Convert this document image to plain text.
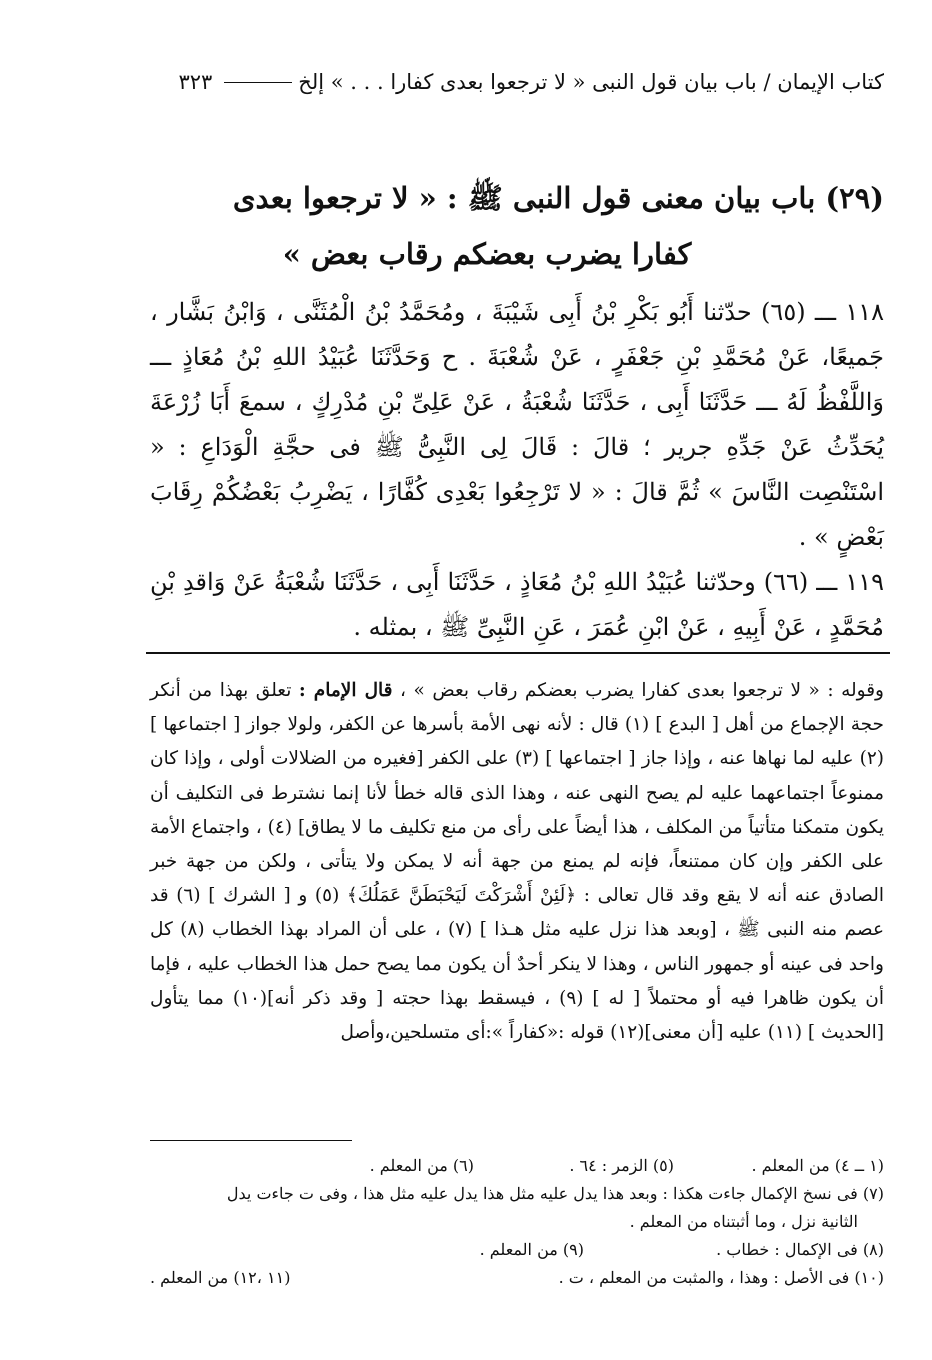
كتاب الإيمان / باب بيان قول النبى « لا ترجعوا بعدى كفارا . . . » إلخ
٣٢٣
(٢٩) باب بيان معنى قول النبى ﷺ : « لا ترجعوا بعدى
كفارا يضرب بعضكم رقاب بعض »

١١٨ ـــ (٦٥) حدّثنا أَبُو بَكْرِ بْنُ أَبِى شَيْبَةَ ، ومُحَمَّدُ بْنُ الْمُثَنَّى ، وَابْنُ بَشَّار ، جَميعًا، عَنْ مُحَمَّدِ بْنِ جَعْفَرٍ ، عَنْ شُعْبَةَ . ح وَحَدَّثَنَا عُبَيْدُ اللهِ بْنُ مُعَاذٍ ـــ وَاللَّفْظُ لَهُ ـــ حَدَّثَنَا أَبِى ، حَدَّثَنَا شُعْبَةُ ، عَنْ عَلِىِّ بْنِ مُدْرِكٍ ، سمعَ أَبَا زُرْعَةَ يُحَدِّثُ عَنْ جَدِّهِ جرير ؛ قالَ : قَالَ لِى النَّبِىُّ ﷺ فى حجَّةِ الْوَدَاعِ : « اسْتَنْصِت النَّاسَ » ثُمَّ قالَ : « لا تَرْجِعُوا بَعْدِى كُفَّارًا ، يَضْرِبُ بَعْضُكُمْ رِقَابَ بَعْضٍ » .

١١٩ ـــ (٦٦) وحدّثنا عُبَيْدُ اللهِ بْنُ مُعَاذٍ ، حَدَّثَنَا أَبِى ، حَدَّثَنَا شُعْبَةُ عَنْ وَاقدِ بْنِ مُحَمَّدٍ ، عَنْ أَبِيهِ ، عَنْ ابْنِ عُمَرَ ، عَنِ النَّبِىِّ ﷺ ، بمثله .

وقوله : « لا ترجعوا بعدى كفارا يضرب بعضكم رقاب بعض » ، قال الإمام : تعلق بهذا من أنكر حجة الإجماع من أهل [ البدع ] (١) قال : لأنه نهى الأمة بأسرها عن الكفر، ولولا جواز [ اجتماعها ] (٢) عليه لما نهاها عنه ، وإذا جاز [ اجتماعها ] (٣) على الكفر [فغيره من الضلالات أولى ، وإذا كان ممنوعاً اجتماعهما عليه لم يصح النهى عنه ، وهذا الذى قاله خطأ لأنا إنما نشترط فى التكليف أن يكون متمكنا متأتياً من المكلف ، هذا أيضاً على رأى من منع تكليف ما لا يطاق] (٤) ، واجتماع الأمة على الكفر وإن كان ممتنعاً، فإنه لم يمنع من جهة أنه لا يمكن ولا يتأتى ، ولكن من جهة خبر الصادق عنه أنه لا يقع وقد قال تعالى : ﴿لَئِنْ أَشْرَكْتَ لَيَحْبَطَنَّ عَمَلُكَ﴾ (٥) و [ الشرك ] (٦) قد عصم منه النبى ﷺ ، [وبعد هذا نزل عليه مثل هـذا ] (٧) ، على أن المراد بهذا الخطاب (٨) كل واحد فى عينه أو جمهور الناس ، وهذا لا ينكر أحدٌ أن يكون مما يصح حمل هذا الخطاب عليه ، فإما أن يكون ظاهرا فيه أو محتملاً [ له ] (٩) ، فيسقط بهذا حجته [ وقد ذكر أنه](١٠) مما يتأول [الحديث ] (١١) عليه [أن معنى](١٢) قوله :«كفاراً »:أى متسلحين،وأصل

(١ ــ ٤) من المعلم .
(٥) الزمر : ٦٤ .
(٦) من المعلم .
(٧) فى نسخ الإكمال جاءت هكذا : وبعد هذا يدل عليه مثل هذا يدل عليه مثل هذا ، وفى ت جاءت يدل
الثانية نزل ، وما أثبتناه من المعلم .
(٨) فى الإكمال : خطاب .
(٩) من المعلم .
(١٠) فى الأصل : وهذا ، والمثبت من المعلم ، ت .
(١١ ،١٢) من المعلم .
